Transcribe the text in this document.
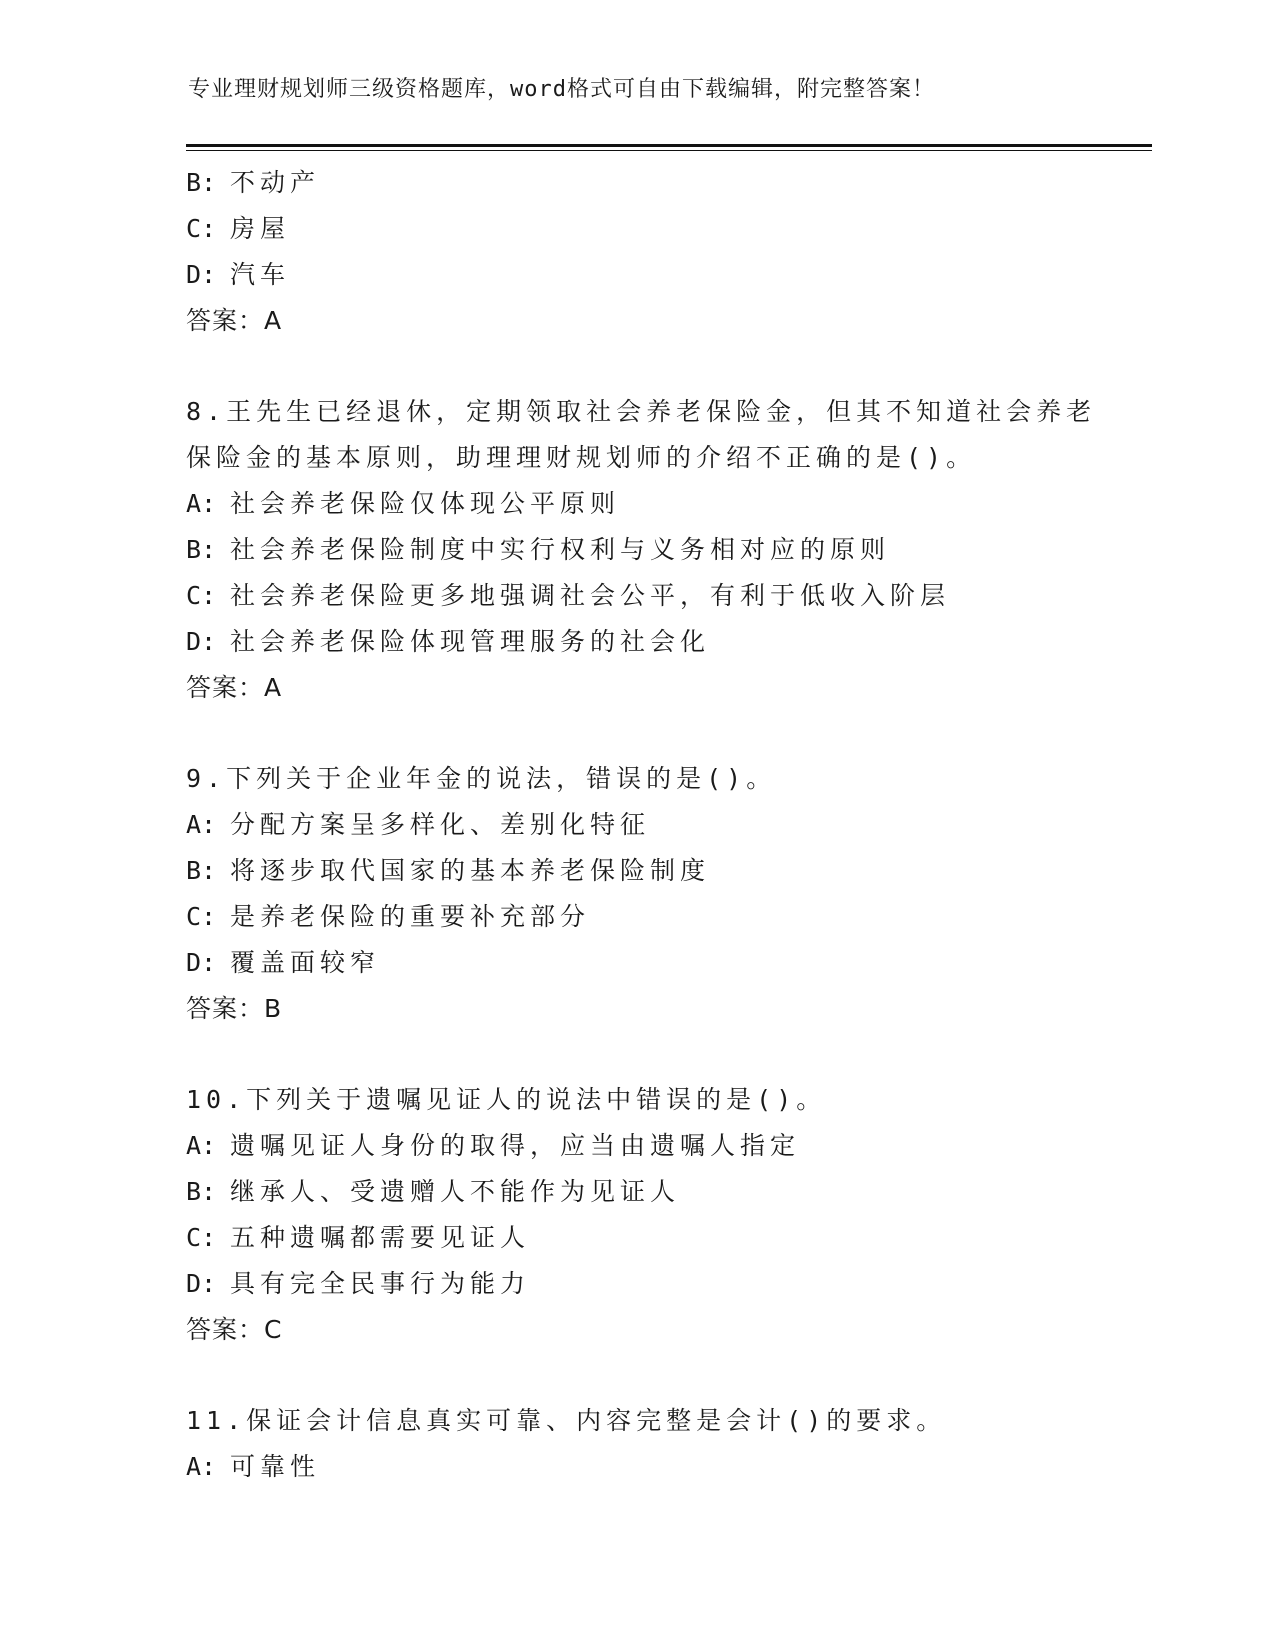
专业理财规划师三级资格题库，word格式可自由下载编辑，附完整答案！
B: 不动产
C: 房屋
D: 汽车
答案：A
8.王先生已经退休，定期领取社会养老保险金，但其不知道社会养老
保险金的基本原则，助理理财规划师的介绍不正确的是()。
A: 社会养老保险仅体现公平原则
B: 社会养老保险制度中实行权利与义务相对应的原则
C: 社会养老保险更多地强调社会公平，有利于低收入阶层
D: 社会养老保险体现管理服务的社会化
答案：A
9.下列关于企业年金的说法，错误的是()。
A: 分配方案呈多样化、差别化特征
B: 将逐步取代国家的基本养老保险制度
C: 是养老保险的重要补充部分
D: 覆盖面较窄
答案：B
10.下列关于遗嘱见证人的说法中错误的是()。
A: 遗嘱见证人身份的取得，应当由遗嘱人指定
B: 继承人、受遗赠人不能作为见证人
C: 五种遗嘱都需要见证人
D: 具有完全民事行为能力
答案：C
11.保证会计信息真实可靠、内容完整是会计()的要求。
A: 可靠性
